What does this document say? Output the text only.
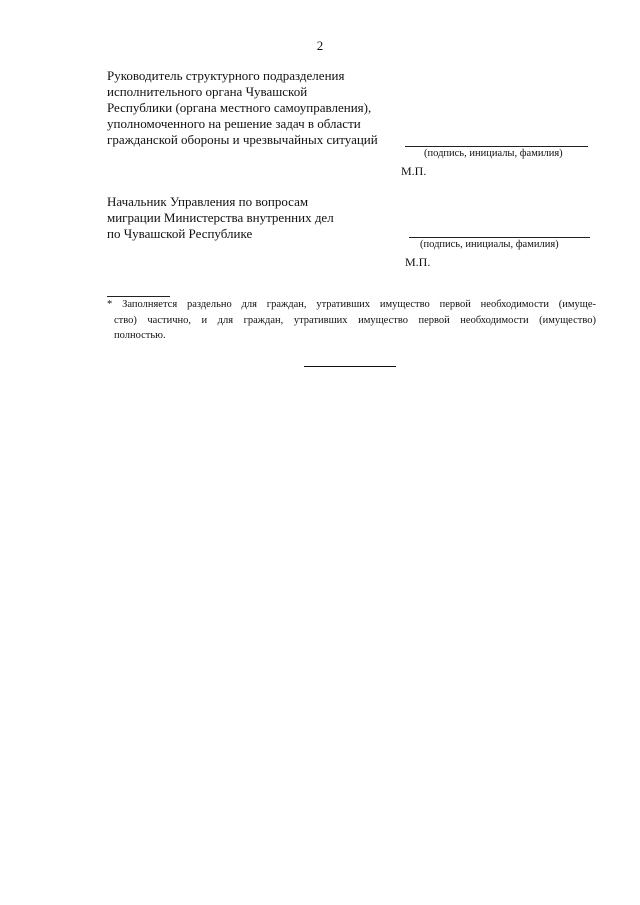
2
Руководитель структурного подразделения
исполнительного органа Чувашской
Республики (органа местного самоуправления),
уполномоченного на решение задач в области
гражданской обороны и чрезвычайных ситуаций
(подпись, инициалы, фамилия)
М.П.
Начальник Управления по вопросам
миграции Министерства внутренних дел
по Чувашской Республике
(подпись, инициалы, фамилия)
М.П.
* Заполняется раздельно для граждан, утративших имущество первой необходимости (имуще-
ство) частично, и для граждан, утративших имущество первой необходимости (имущество)
полностью.
